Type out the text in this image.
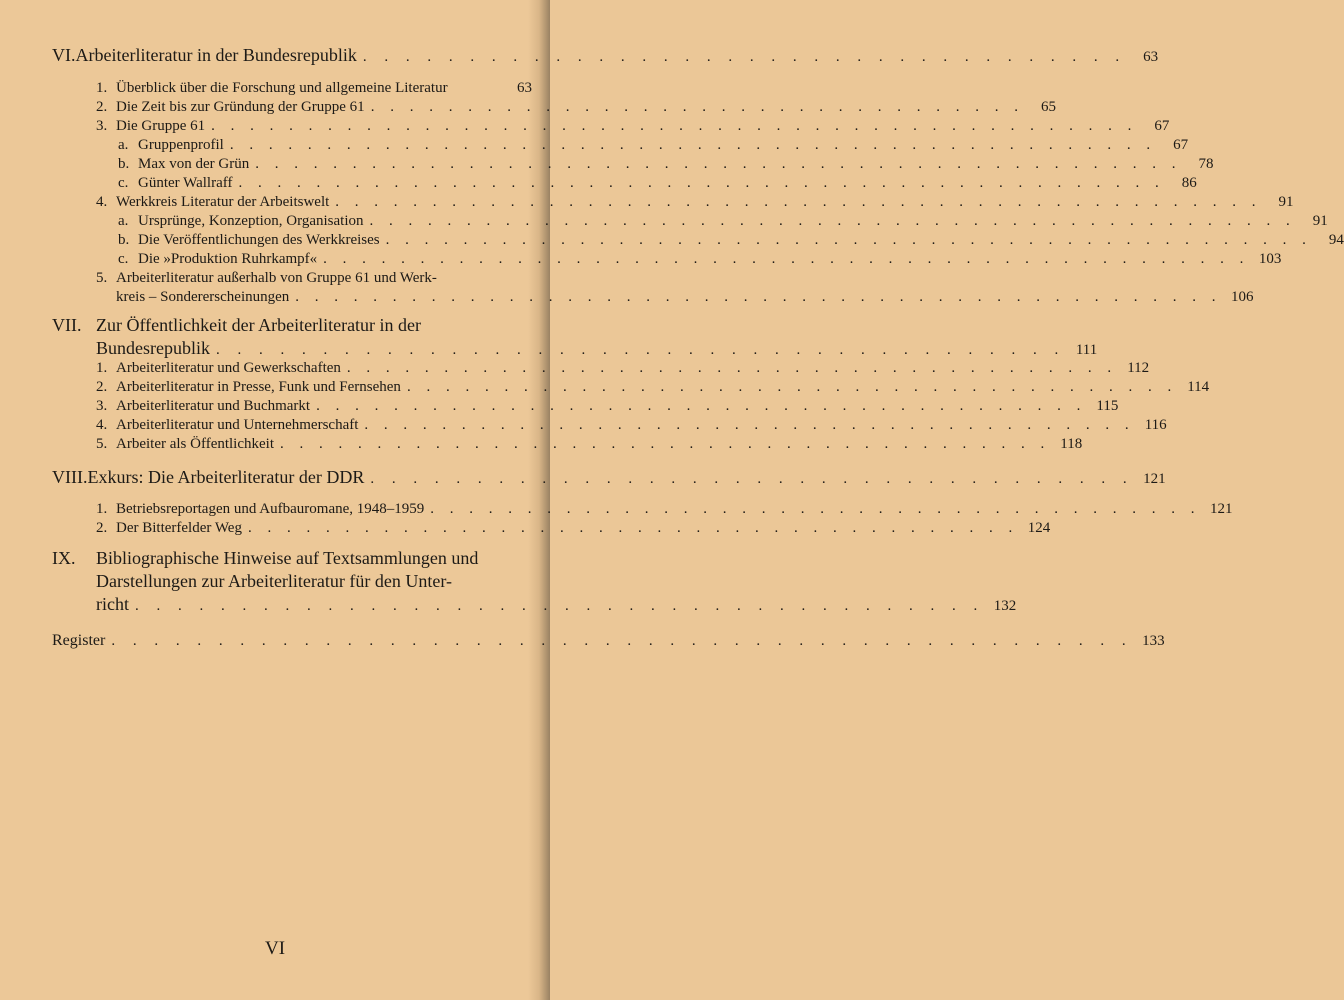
VI. Arbeiterliteratur in der Bundesrepublik . . . . . . . . . . . . . . . . . . . . . . . . . . . . . . . . . . . .	63
1. Überblick über die Forschung und allgemeine Literatur	63
2. Die Zeit bis zur Gründung der Gruppe 61 . . . . . . . . . . . . . . . . . . . . . . . . . . . . . . . . . .	65
3. Die Gruppe 61 . . . . . . . . . . . . . . . . . . . . . . . . . . . . . . . . . . . . . . . . . . . . . . . .	67
a. Gruppenprofil . . . . . . . . . . . . . . . . . . . . . . . . . . . . . . . . . . . . . . . . . . . . . . . .	67
b. Max von der Grün . . . . . . . . . . . . . . . . . . . . . . . . . . . . . . . . . . . . . . . . . . . . . . . .	78
c. Günter Wallraff . . . . . . . . . . . . . . . . . . . . . . . . . . . . . . . . . . . . . . . . . . . . . . . .	86
4. Werkkreis Literatur der Arbeitswelt . . . . . . . . . . . . . . . . . . . . . . . . . . . . . . . . . . . . . . . . . . . . . . . .	91
a. Ursprünge, Konzeption, Organisation . . . . . . . . . . . . . . . . . . . . . . . . . . . . . . . . . . . . . . . . . . . . . . . .	91
b. Die Veröffentlichungen des Werkkreises . . . . . . . . . . . . . . . . . . . . . . . . . . . . . . . . . . . . . . . . . . . . . . . .	94
c. Die »Produktion Ruhrkampf« . . . . . . . . . . . . . . . . . . . . . . . . . . . . . . . . . . . . . . . . . . . . . . . . 103
5. Arbeiterliteratur außerhalb von Gruppe 61 und Werk-
kreis – Sondererscheinungen . . . . . . . . . . . . . . . . . . . . . . . . . . . . . . . . . . . . . . . . . . . . . . . . 106
VII. Zur Öffentlichkeit der Arbeiterliteratur in der
Bundesrepublik . . . . . . . . . . . . . . . . . . . . . . . . . . . . . . . . . . . . . . . . 111
1. Arbeiterliteratur und Gewerkschaften . . . . . . . . . . . . . . . . . . . . . . . . . . . . . . . . . . . . . . . . 112
2. Arbeiterliteratur in Presse, Funk und Fernsehen . . . . . . . . . . . . . . . . . . . . . . . . . . . . . . . . . . . . . . . . 114
3. Arbeiterliteratur und Buchmarkt . . . . . . . . . . . . . . . . . . . . . . . . . . . . . . . . . . . . . . . . 115
4. Arbeiterliteratur und Unternehmerschaft . . . . . . . . . . . . . . . . . . . . . . . . . . . . . . . . . . . . . . . . 116
5. Arbeiter als Öffentlichkeit . . . . . . . . . . . . . . . . . . . . . . . . . . . . . . . . . . . . . . . . 118
VIII. Exkurs: Die Arbeiterliteratur der DDR . . . . . . . . . . . . . . . . . . . . . . . . . . . . . . . . . . . . 121
1. Betriebsreportagen und Aufbauromane, 1948–1959 . . . . . . . . . . . . . . . . . . . . . . . . . . . . . . . . . . . . . . . . 121
2. Der Bitterfelder Weg . . . . . . . . . . . . . . . . . . . . . . . . . . . . . . . . . . . . . . . . 124
IX.	Bibliographische Hinweise auf Textsammlungen und
Darstellungen zur Arbeiterliteratur für den Unter-
richt . . . . . . . . . . . . . . . . . . . . . . . . . . . . . . . . . . . . . . . . 132
Register . . . . . . . . . . . . . . . . . . . . . . . . . . . . . . . . . . . . . . . . . . . . . . . . 133
VI
